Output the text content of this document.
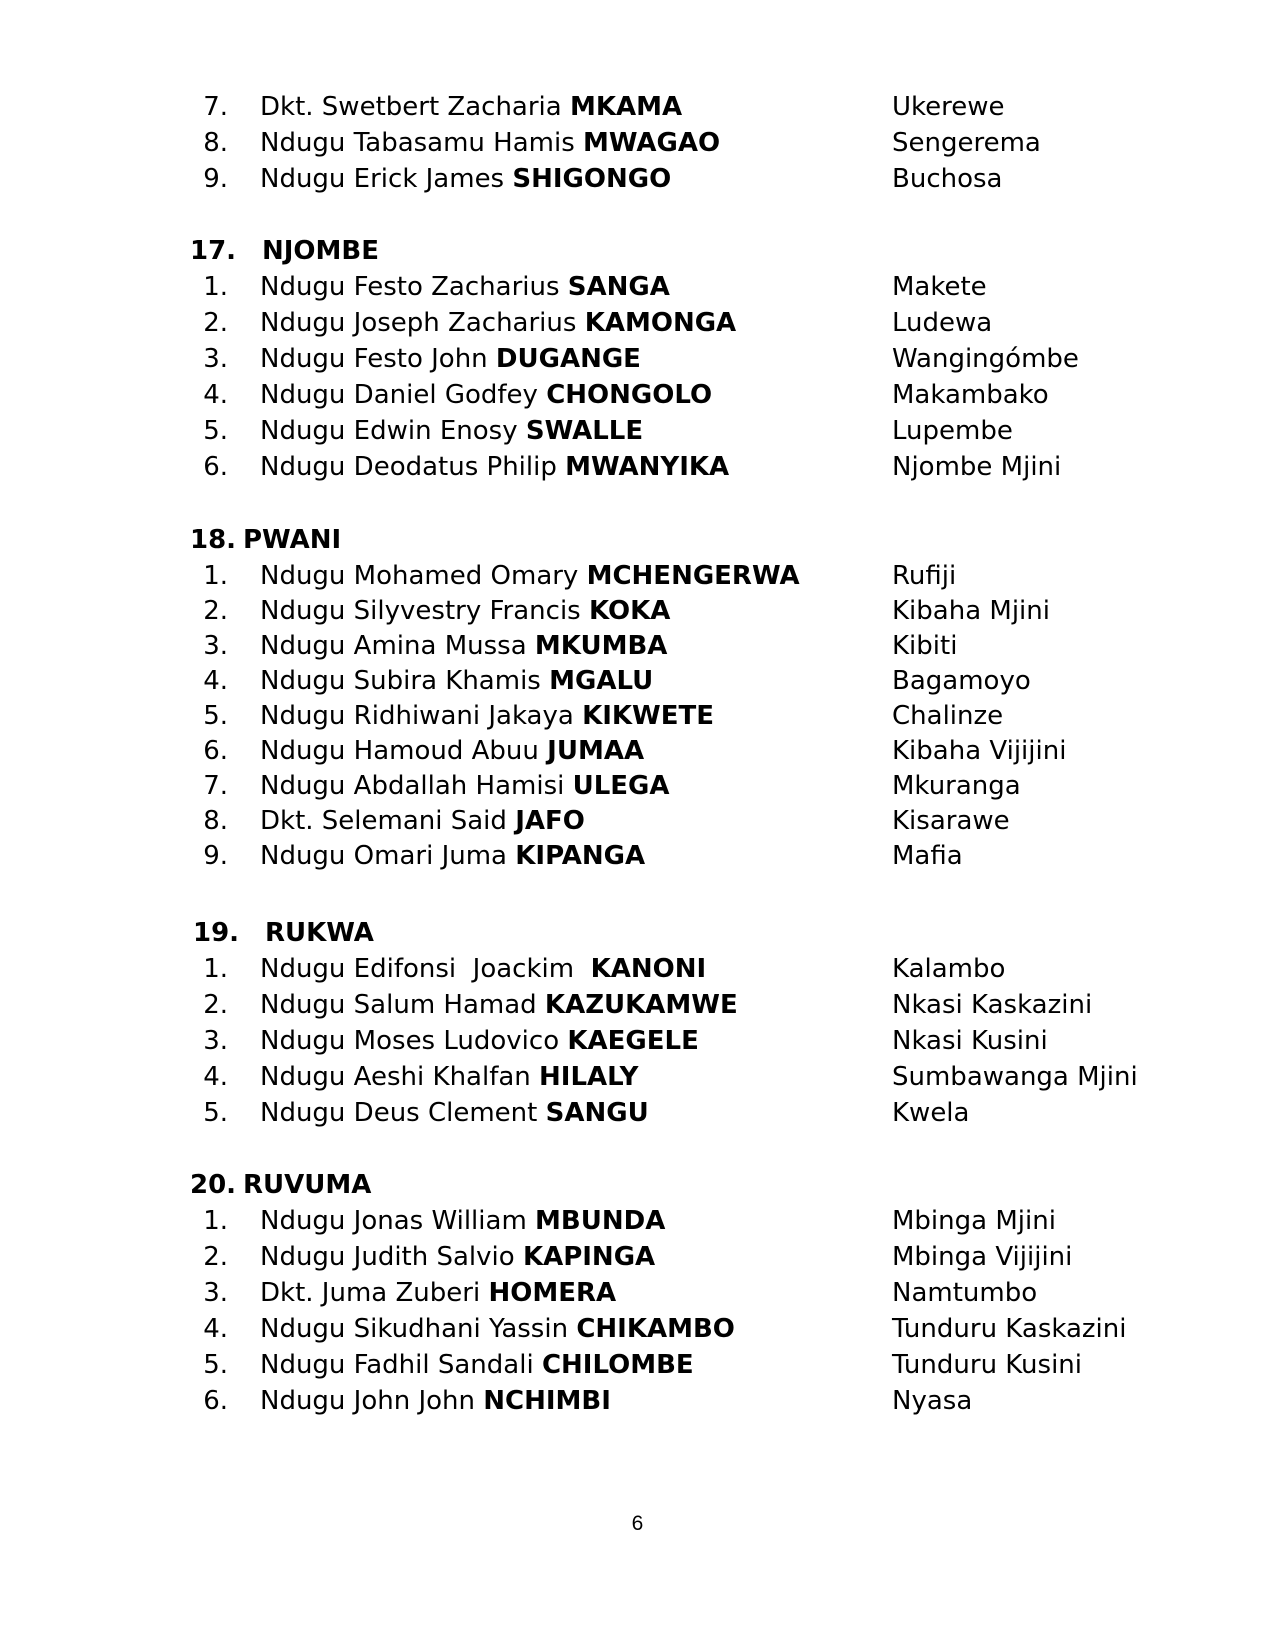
7. Dkt. Swetbert Zacharia MKAMA	Ukerewe
8. Ndugu Tabasamu Hamis MWAGAO	Sengerema
9. Ndugu Erick James SHIGONGO	Buchosa
17. NJOMBE
1. Ndugu Festo Zacharius SANGA	Makete
2. Ndugu Joseph Zacharius KAMONGA	Ludewa
3. Ndugu Festo John DUGANGE	Wangingómbe
4. Ndugu Daniel Godfey CHONGOLO	Makambako
5. Ndugu Edwin Enosy SWALLE	Lupembe
6. Ndugu Deodatus Philip MWANYIKA	Njombe Mjini
18. PWANI
1. Ndugu Mohamed Omary MCHENGERWA	Rufiji
2. Ndugu Silyvestry Francis KOKA	Kibaha Mjini
3. Ndugu Amina Mussa MKUMBA	Kibiti
4. Ndugu Subira Khamis MGALU	Bagamoyo
5. Ndugu Ridhiwani Jakaya KIKWETE	Chalinze
6. Ndugu Hamoud Abuu JUMAA	Kibaha Vijijini
7. Ndugu Abdallah Hamisi ULEGA	Mkuranga
8. Dkt. Selemani Said JAFO	Kisarawe
9. Ndugu Omari Juma KIPANGA	Mafia
19. RUKWA
1. Ndugu Edifonsi  Joackim  KANONI	Kalambo
2. Ndugu Salum Hamad KAZUKAMWE	Nkasi Kaskazini
3. Ndugu Moses Ludovico KAEGELE	Nkasi Kusini
4. Ndugu Aeshi Khalfan HILALY	Sumbawanga Mjini
5. Ndugu Deus Clement SANGU	Kwela
20. RUVUMA
1. Ndugu Jonas William MBUNDA	Mbinga Mjini
2. Ndugu Judith Salvio KAPINGA	Mbinga Vijijini
3. Dkt. Juma Zuberi HOMERA	Namtumbo
4. Ndugu Sikudhani Yassin CHIKAMBO	Tunduru Kaskazini
5. Ndugu Fadhil Sandali CHILOMBE	Tunduru Kusini
6. Ndugu John John NCHIMBI	Nyasa
6
